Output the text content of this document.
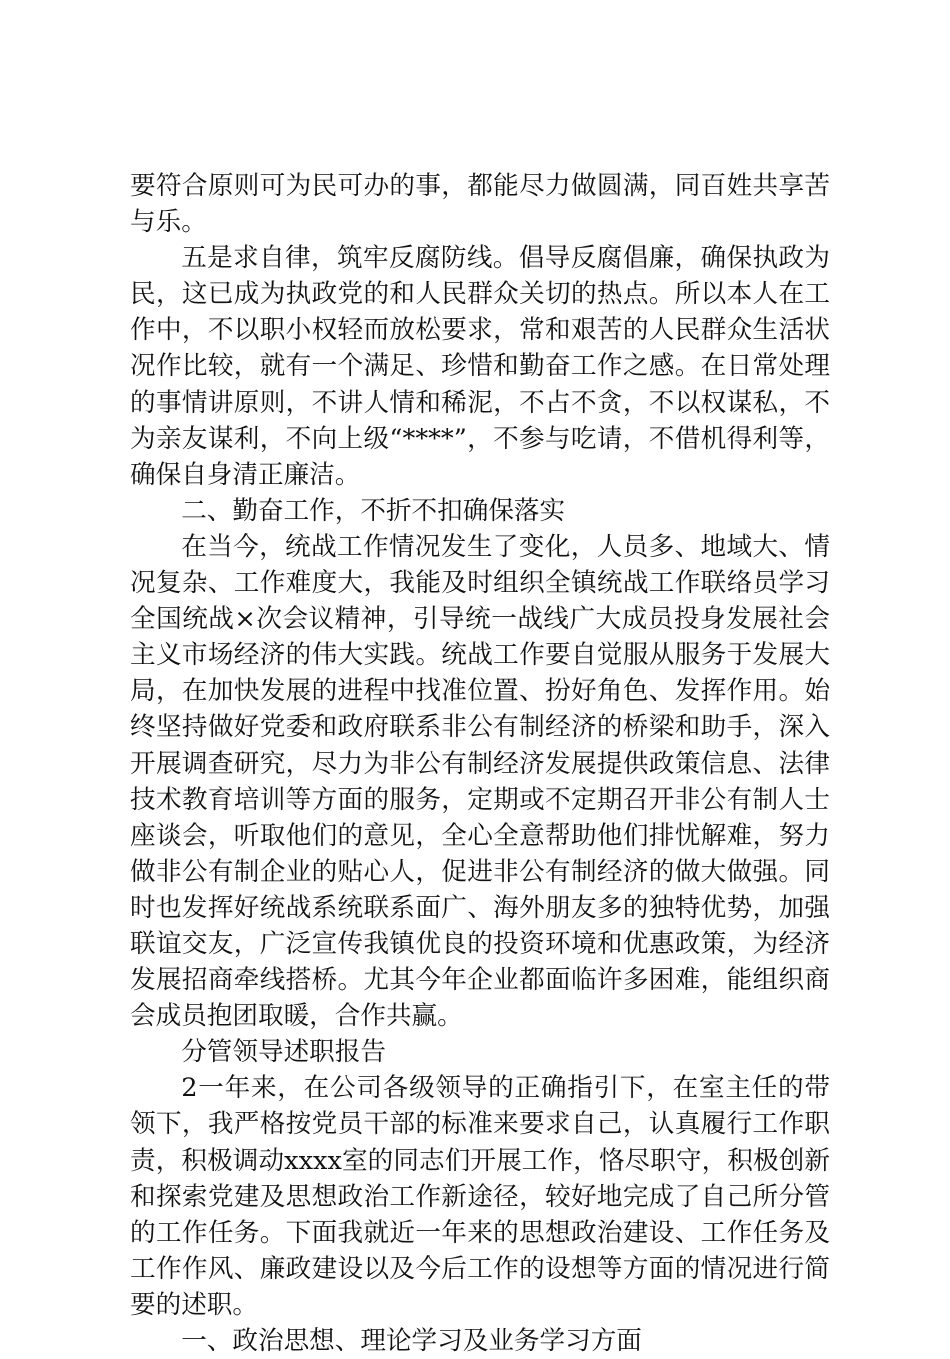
要符合原则可为民可办的事，都能尽力做圆满，同百姓共享苦与乐。

五是求自律，筑牢反腐防线。倡导反腐倡廉，确保执政为民，这已成为执政党的和人民群众关切的热点。所以本人在工作中，不以职小权轻而放松要求，常和艰苦的人民群众生活状况作比较，就有一个满足、珍惜和勤奋工作之感。在日常处理的事情讲原则，不讲人情和稀泥，不占不贪，不以权谋私，不为亲友谋利，不向上级“****”，不参与吃请，不借机得利等，确保自身清正廉洁。

二、勤奋工作，不折不扣确保落实

在当今，统战工作情况发生了变化，人员多、地域大、情况复杂、工作难度大，我能及时组织全镇统战工作联络员学习全国统战×次会议精神，引导统一战线广大成员投身发展社会主义市场经济的伟大实践。统战工作要自觉服从服务于发展大局，在加快发展的进程中找准位置、扮好角色、发挥作用。始终坚持做好党委和政府联系非公有制经济的桥梁和助手，深入开展调查研究，尽力为非公有制经济发展提供政策信息、法律技术教育培训等方面的服务，定期或不定期召开非公有制人士座谈会，听取他们的意见，全心全意帮助他们排忧解难，努力做非公有制企业的贴心人，促进非公有制经济的做大做强。同时也发挥好统战系统联系面广、海外朋友多的独特优势，加强联谊交友，广泛宣传我镇优良的投资环境和优惠政策，为经济发展招商牵线搭桥。尤其今年企业都面临许多困难，能组织商会成员抱团取暖，合作共赢。

分管领导述职报告

2一年来，在公司各级领导的正确指引下，在室主任的带领下，我严格按党员干部的标准来要求自己，认真履行工作职责，积极调动xxxx室的同志们开展工作，恪尽职守，积极创新和探索党建及思想政治工作新途径，较好地完成了自己所分管的工作任务。下面我就近一年来的思想政治建设、工作任务及工作作风、廉政建设以及今后工作的设想等方面的情况进行简要的述职。

一、政治思想、理论学习及业务学习方面
